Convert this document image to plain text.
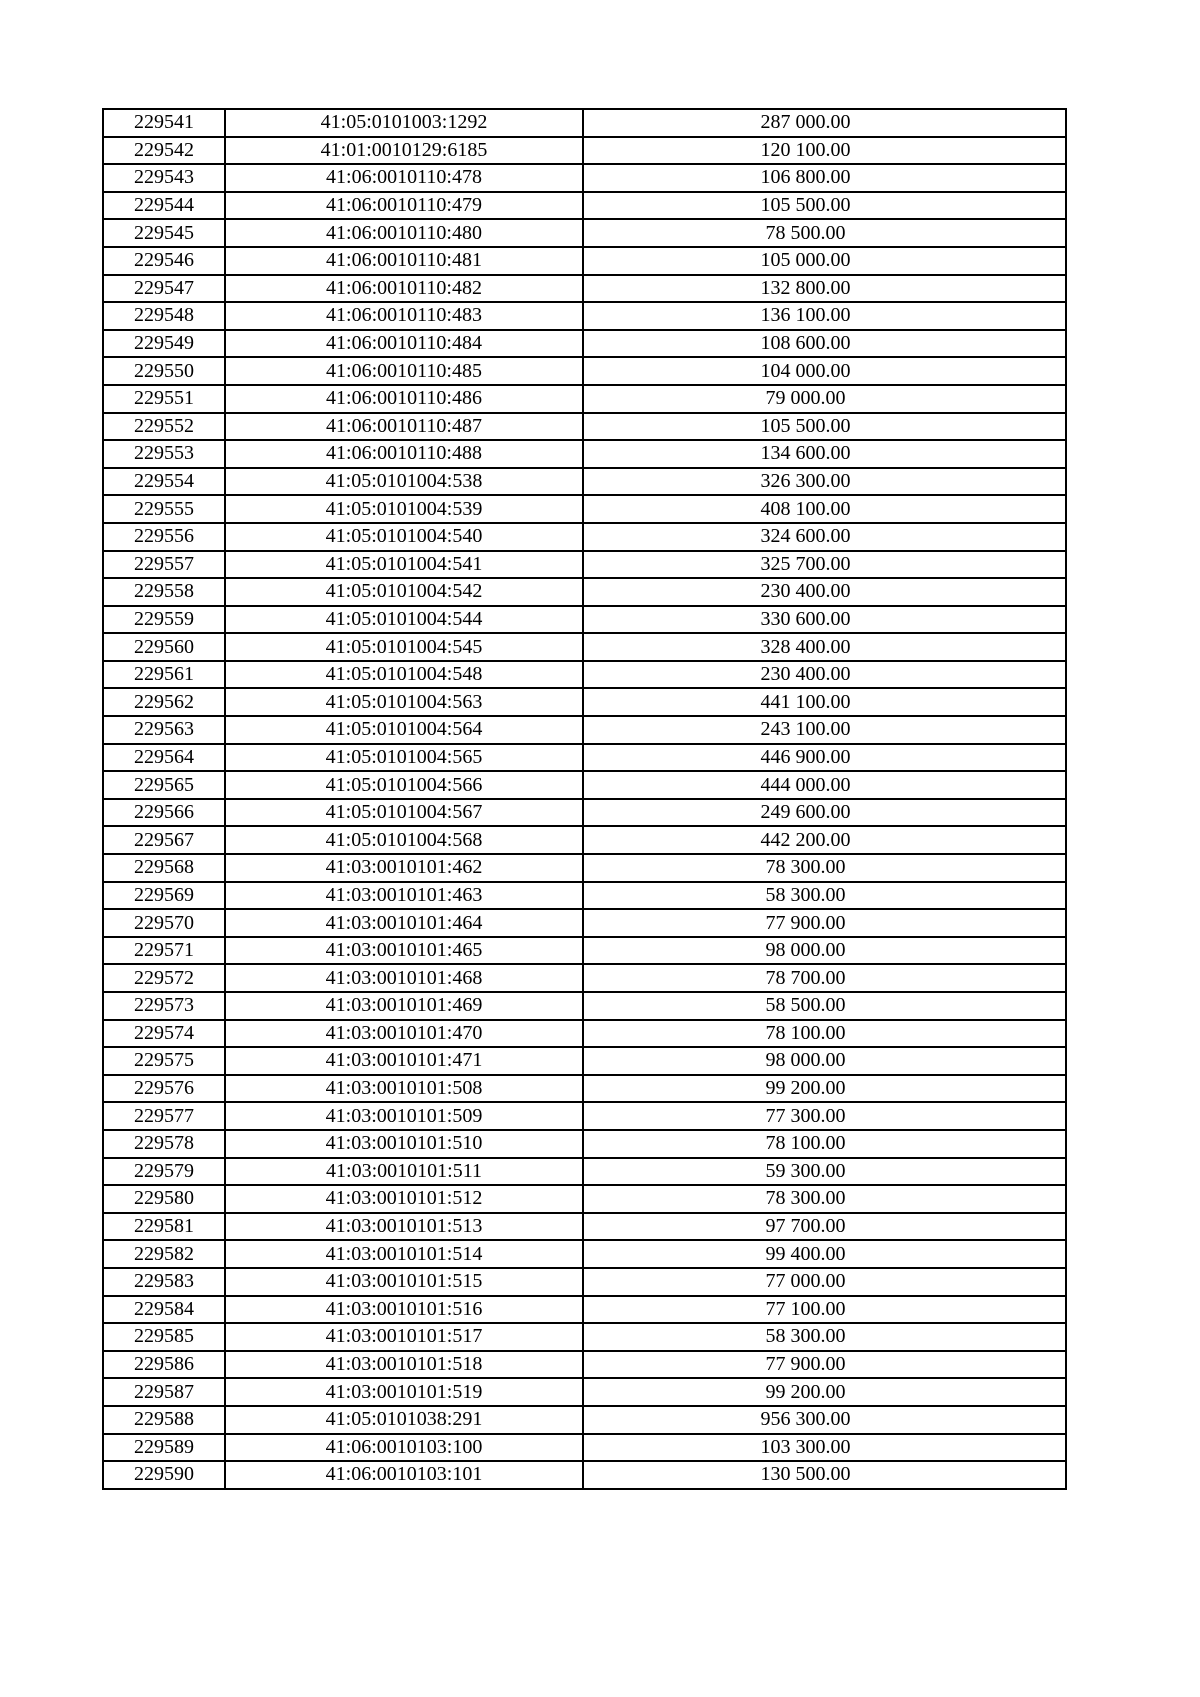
229541	41:05:0101003:1292	287 000.00
229542	41:01:0010129:6185	120 100.00
229543	41:06:0010110:478	106 800.00
229544	41:06:0010110:479	105 500.00
229545	41:06:0010110:480	78 500.00
229546	41:06:0010110:481	105 000.00
229547	41:06:0010110:482	132 800.00
229548	41:06:0010110:483	136 100.00
229549	41:06:0010110:484	108 600.00
229550	41:06:0010110:485	104 000.00
229551	41:06:0010110:486	79 000.00
229552	41:06:0010110:487	105 500.00
229553	41:06:0010110:488	134 600.00
229554	41:05:0101004:538	326 300.00
229555	41:05:0101004:539	408 100.00
229556	41:05:0101004:540	324 600.00
229557	41:05:0101004:541	325 700.00
229558	41:05:0101004:542	230 400.00
229559	41:05:0101004:544	330 600.00
229560	41:05:0101004:545	328 400.00
229561	41:05:0101004:548	230 400.00
229562	41:05:0101004:563	441 100.00
229563	41:05:0101004:564	243 100.00
229564	41:05:0101004:565	446 900.00
229565	41:05:0101004:566	444 000.00
229566	41:05:0101004:567	249 600.00
229567	41:05:0101004:568	442 200.00
229568	41:03:0010101:462	78 300.00
229569	41:03:0010101:463	58 300.00
229570	41:03:0010101:464	77 900.00
229571	41:03:0010101:465	98 000.00
229572	41:03:0010101:468	78 700.00
229573	41:03:0010101:469	58 500.00
229574	41:03:0010101:470	78 100.00
229575	41:03:0010101:471	98 000.00
229576	41:03:0010101:508	99 200.00
229577	41:03:0010101:509	77 300.00
229578	41:03:0010101:510	78 100.00
229579	41:03:0010101:511	59 300.00
229580	41:03:0010101:512	78 300.00
229581	41:03:0010101:513	97 700.00
229582	41:03:0010101:514	99 400.00
229583	41:03:0010101:515	77 000.00
229584	41:03:0010101:516	77 100.00
229585	41:03:0010101:517	58 300.00
229586	41:03:0010101:518	77 900.00
229587	41:03:0010101:519	99 200.00
229588	41:05:0101038:291	956 300.00
229589	41:06:0010103:100	103 300.00
229590	41:06:0010103:101	130 500.00
